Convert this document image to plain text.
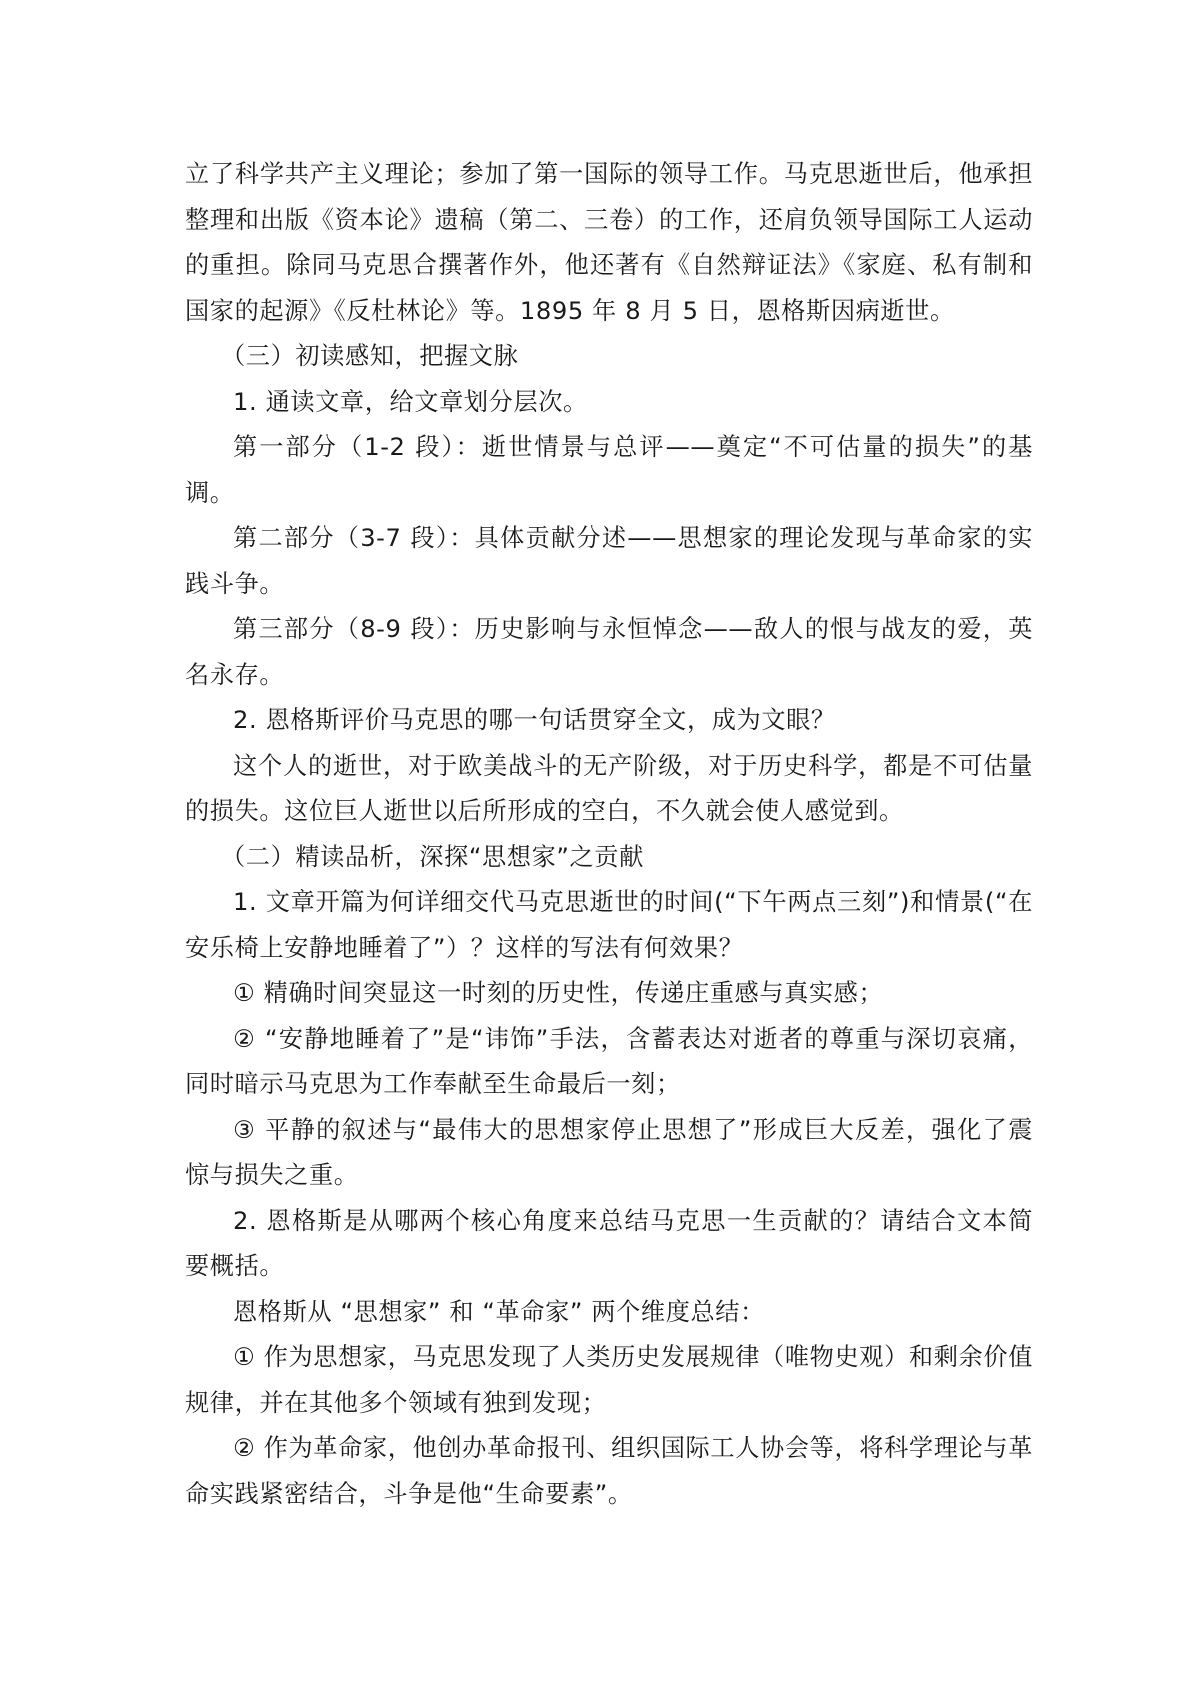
立了科学共产主义理论；参加了第一国际的领导工作。马克思逝世后，他承担整理和出版《资本论》遗稿（第二、三卷）的工作，还肩负领导国际工人运动的重担。除同马克思合撰著作外，他还著有《自然辩证法》《家庭、私有制和国家的起源》《反杜林论》等。1895 年 8 月 5 日，恩格斯因病逝世。

（三）初读感知，把握文脉

1. 通读文章，给文章划分层次。

第一部分（1-2 段）：逝世情景与总评——奠定“不可估量的损失”的基调。

第二部分（3-7 段）：具体贡献分述——思想家的理论发现与革命家的实践斗争。

第三部分（8-9 段）：历史影响与永恒悼念——敌人的恨与战友的爱，英名永存。

2. 恩格斯评价马克思的哪一句话贯穿全文，成为文眼？

这个人的逝世，对于欧美战斗的无产阶级，对于历史科学，都是不可估量的损失。这位巨人逝世以后所形成的空白，不久就会使人感觉到。

（二）精读品析，深探“思想家”之贡献

1. 文章开篇为何详细交代马克思逝世的时间(“下午两点三刻”)和情景(“在安乐椅上安静地睡着了”）？这样的写法有何效果？

① 精确时间突显这一时刻的历史性，传递庄重感与真实感；

② “安静地睡着了”是“讳饰”手法，含蓄表达对逝者的尊重与深切哀痛，同时暗示马克思为工作奉献至生命最后一刻；

③ 平静的叙述与“最伟大的思想家停止思想了”形成巨大反差，强化了震惊与损失之重。

2. 恩格斯是从哪两个核心角度来总结马克思一生贡献的？请结合文本简要概括。

恩格斯从 “思想家” 和 “革命家” 两个维度总结：

① 作为思想家，马克思发现了人类历史发展规律（唯物史观）和剩余价值规律，并在其他多个领域有独到发现；

② 作为革命家，他创办革命报刊、组织国际工人协会等，将科学理论与革命实践紧密结合，斗争是他“生命要素”。
